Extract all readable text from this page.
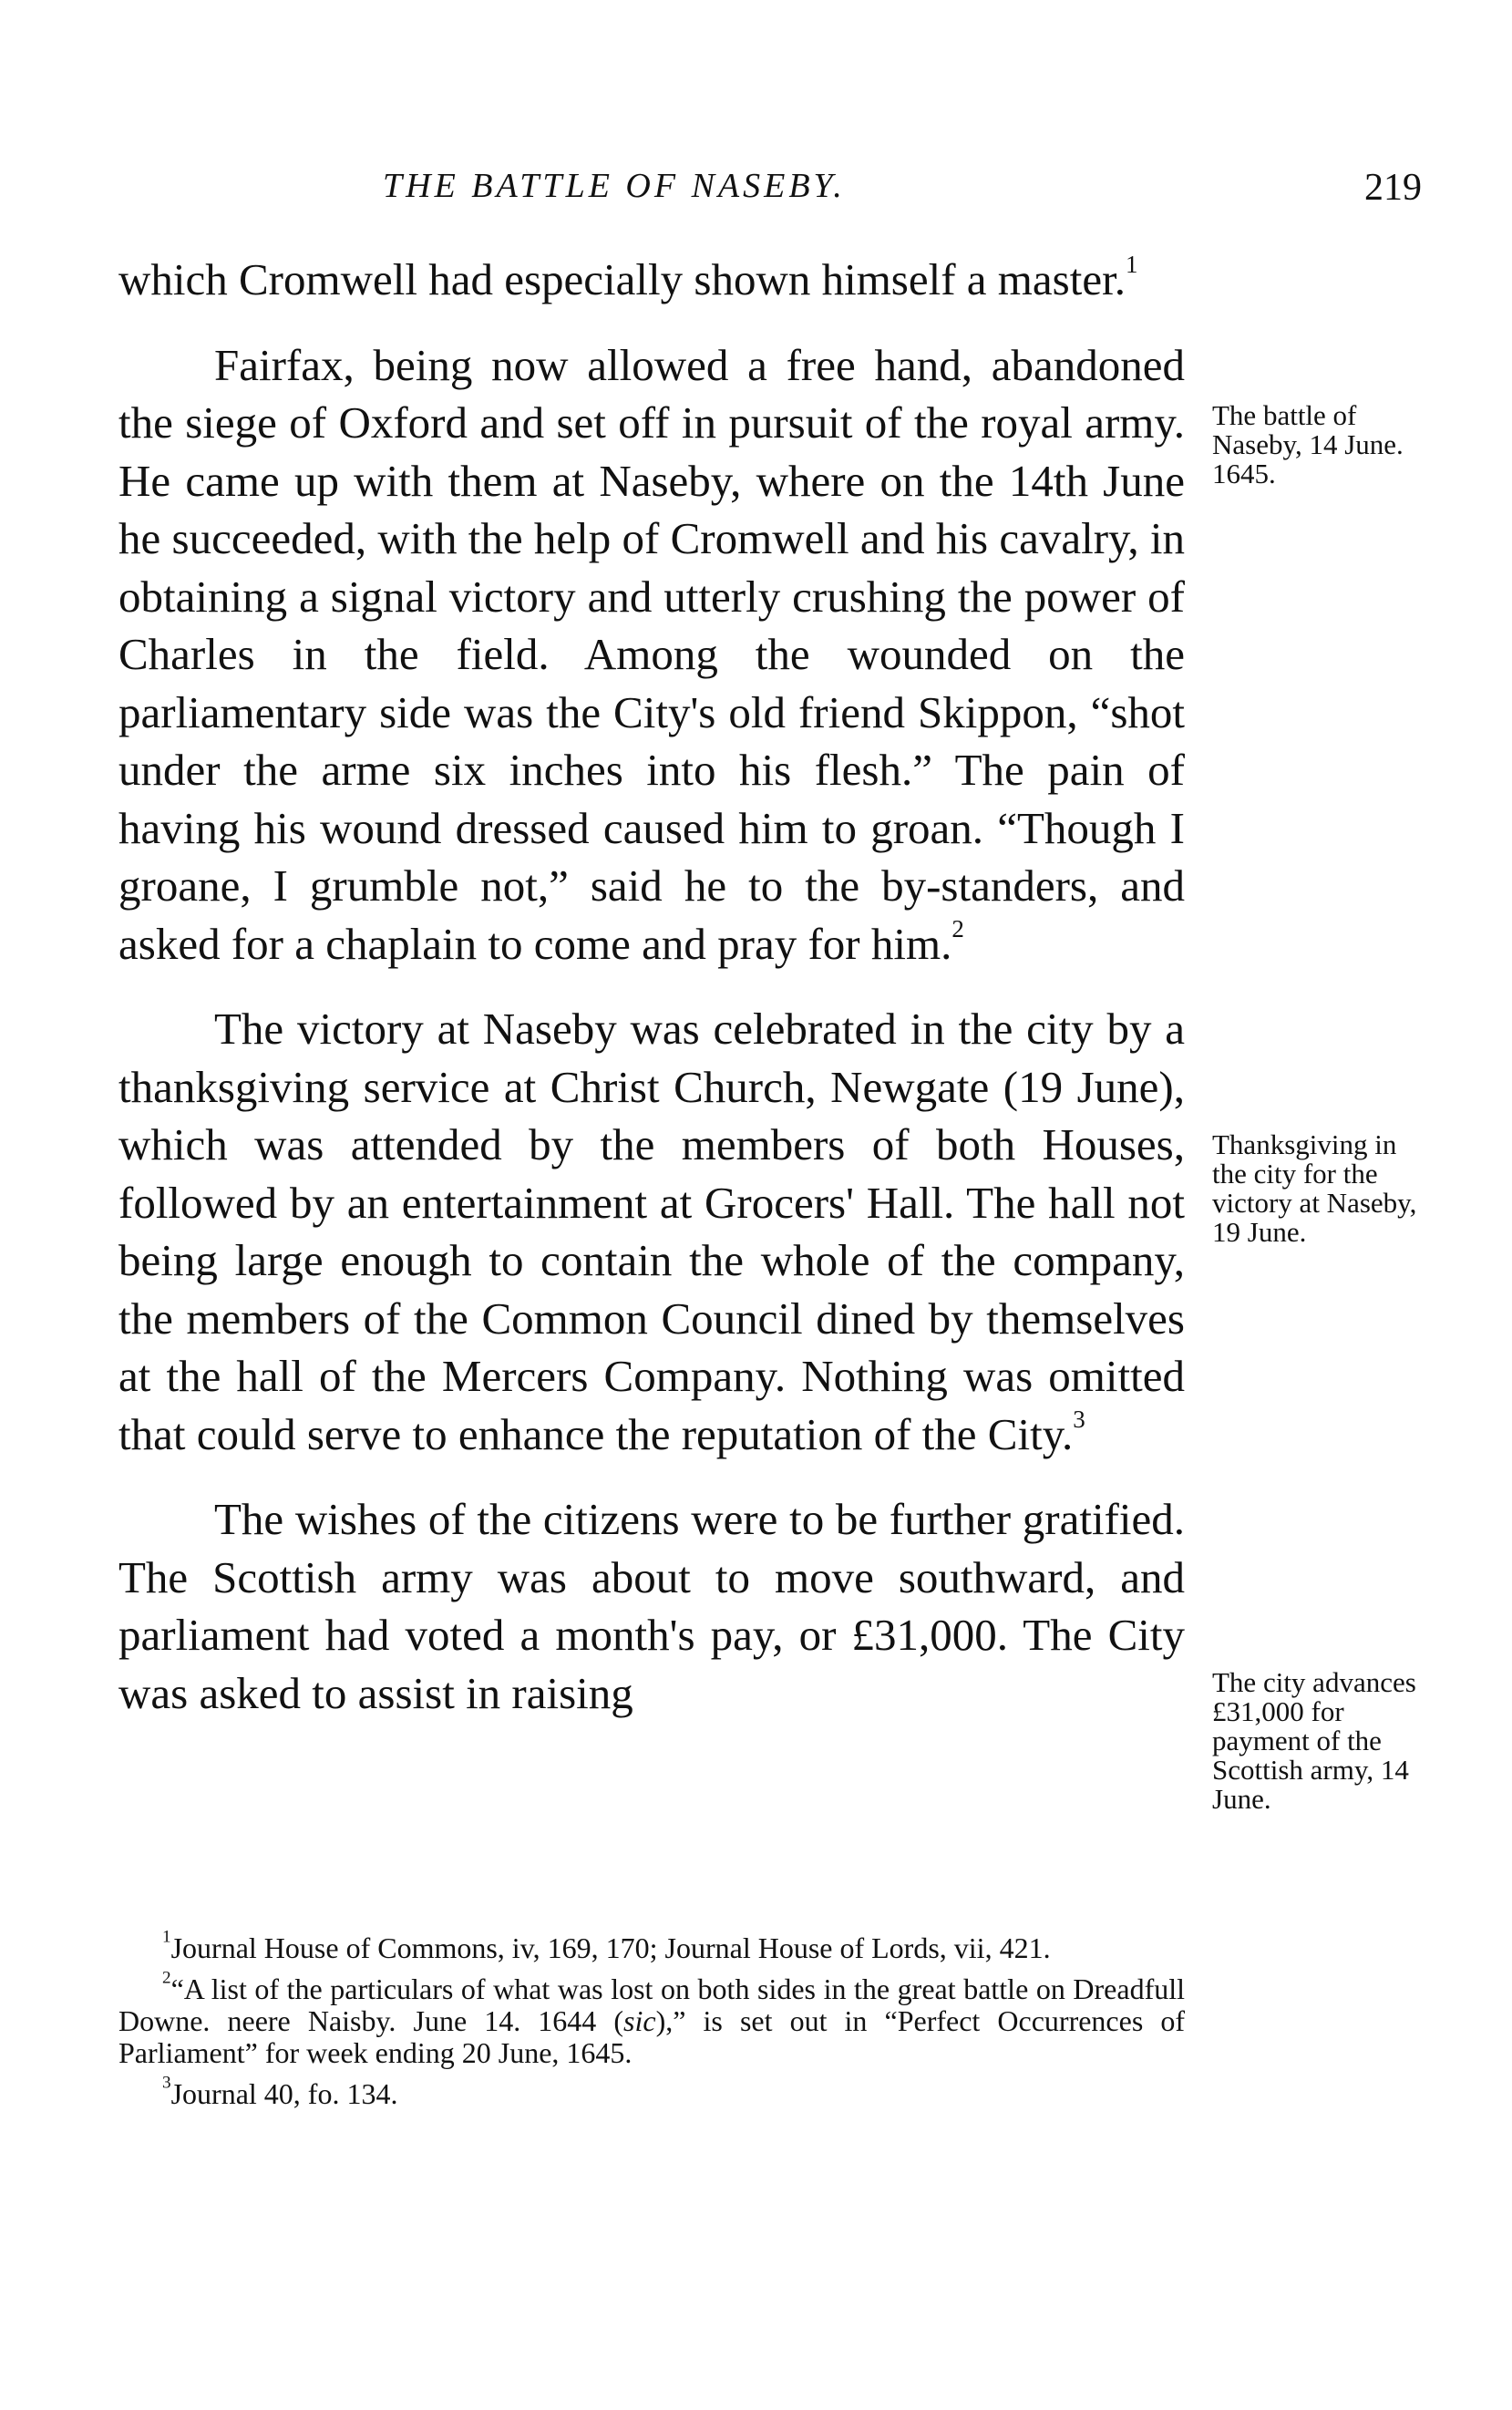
THE BATTLE OF NASEBY.	219

which Cromwell had especially shown himself a master.$^1$

Fairfax, being now allowed a free hand, abandoned the siege of Oxford and set off in pursuit of the royal army. He came up with them at Naseby, where on the 14th June he succeeded, with the help of Cromwell and his cavalry, in obtaining a signal victory and utterly crushing the power of Charles in the field. Among the wounded on the parliamentary side was the City's old friend Skippon, “shot under the arme six inches into his flesh.” The pain of having his wound dressed caused him to groan. “Though I groane, I grumble not,” said he to the by-standers, and asked for a chaplain to come and pray for him.$^2$

The victory at Naseby was celebrated in the city by a thanksgiving service at Christ Church, Newgate (19 June), which was attended by the members of both Houses, followed by an entertainment at Grocers' Hall. The hall not being large enough to contain the whole of the company, the members of the Common Council dined by themselves at the hall of the Mercers Company. Nothing was omitted that could serve to enhance the reputation of the City.$^3$

The wishes of the citizens were to be further gratified. The Scottish army was about to move southward, and parliament had voted a month's pay, or £31,000. The City was asked to assist in raising

The battle of Naseby, 14 June. 1645.
Thanksgiving in the city for the victory at Naseby, 19 June.
The city advances £31,000 for payment of the Scottish army, 14 June.

$^1$Journal House of Commons, iv, 169, 170; Journal House of Lords, vii, 421.

$^2$“A list of the particulars of what was lost on both sides in the great battle on Dreadfull Downe. neere Naisby. June 14. 1644 (sic),” is set out in “Perfect Occurrences of Parliament” for week ending 20 June, 1645.

$^3$Journal 40, fo. 134.
